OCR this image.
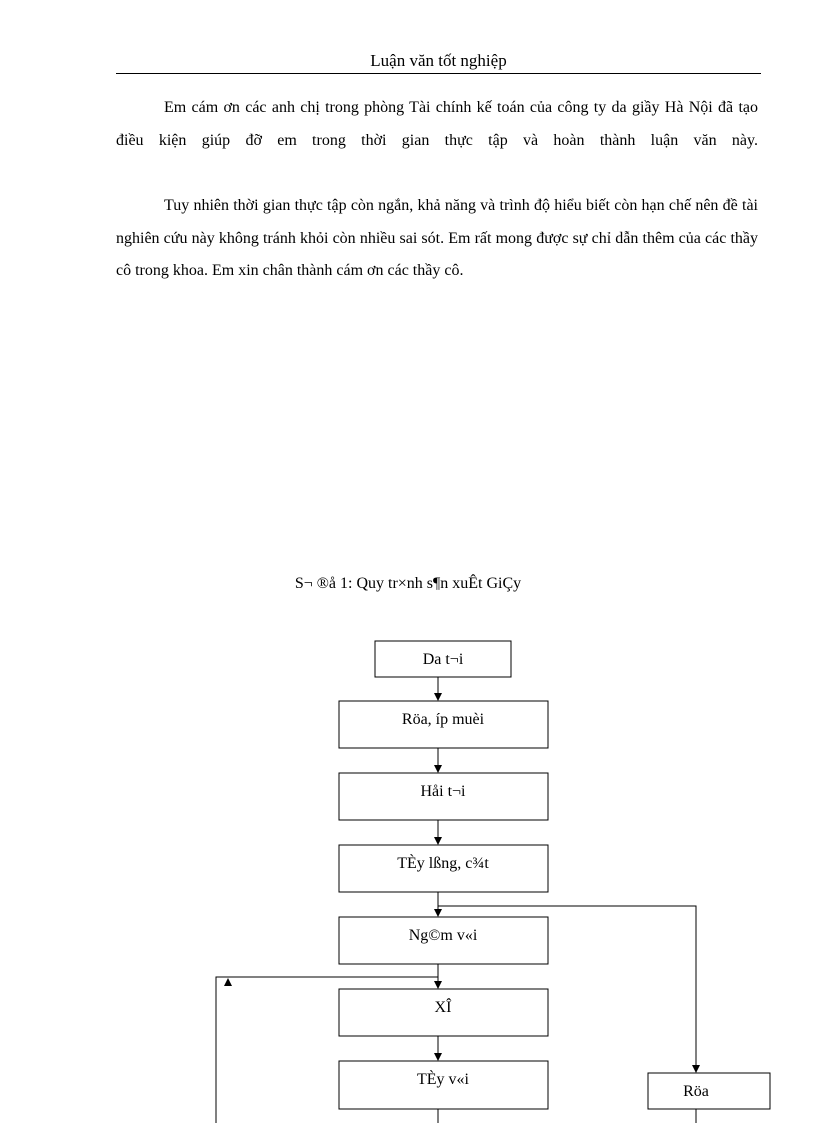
Luận văn tốt nghiệp

Em cám ơn các anh chị trong phòng Tài chính kế toán của công ty da giầy Hà Nội đã tạo điều kiện giúp đỡ em trong thời gian thực tập và hoàn thành luận văn này.

Tuy nhiên thời gian thực tập còn ngắn, khả năng và trình độ hiểu biết còn hạn chế nên đề tài nghiên cứu này không tránh khỏi còn nhiều sai sót. Em rất mong được sự chỉ dẫn thêm của các thầy cô trong khoa. Em xin chân thành cám ơn các thầy cô.

S¬ ®å 1: Quy tr×nh s¶n xuÊt GiÇy
Da t¬i
Röa, íp muèi
Håi t¬i
TÈy lßng, c¾t
Ng©m v«i
XÎ
TÈy v«i
Röa
